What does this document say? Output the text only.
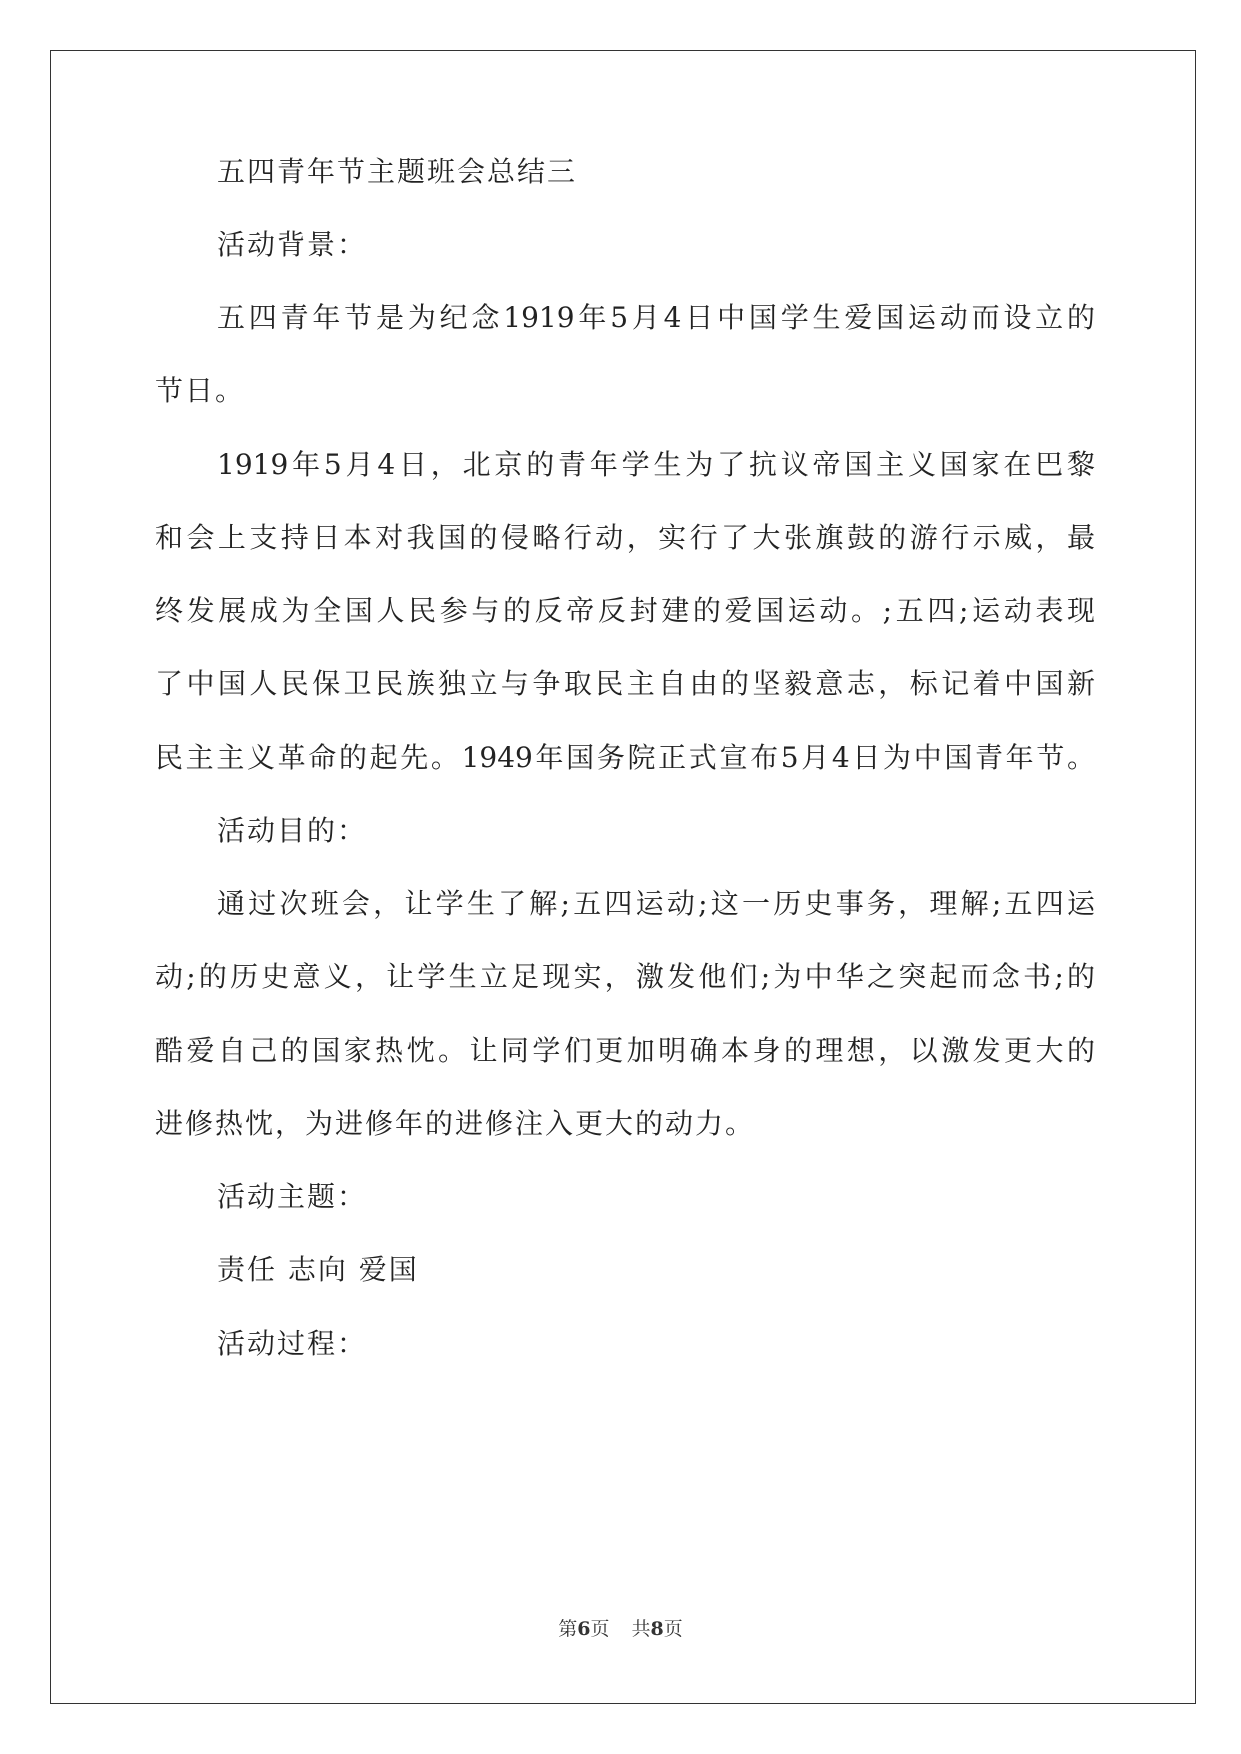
五四青年节主题班会总结三
活动背景：
五四青年节是为纪念1919年5月4日中国学生爱国运动而设立的
节日。
1919年5月4日，北京的青年学生为了抗议帝国主义国家在巴黎
和会上支持日本对我国的侵略行动，实行了大张旗鼓的游行示威，最
终发展成为全国人民参与的反帝反封建的爱国运动。;五四;运动表现
了中国人民保卫民族独立与争取民主自由的坚毅意志，标记着中国新
民主主义革命的起先。1949年国务院正式宣布5月4日为中国青年节。
活动目的：
通过次班会，让学生了解;五四运动;这一历史事务，理解;五四运
动;的历史意义，让学生立足现实，激发他们;为中华之突起而念书;的
酷爱自己的国家热忱。让同学们更加明确本身的理想，以激发更大的
进修热忱，为进修年的进修注入更大的动力。
活动主题：
责任 志向 爱国
活动过程：
第6页 共8页
